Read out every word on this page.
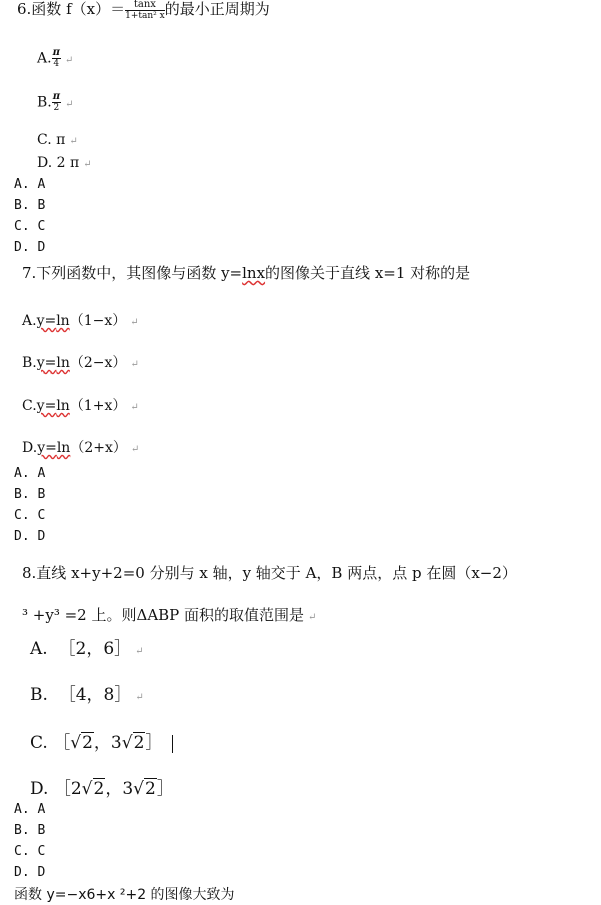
6.函数 $f(x)= \frac{\tan x}{\text{1+tan² x}}$ 的最小正周期为
A. $\frac{\pi}{4}$ ↵
B. $\frac{\pi}{2}$ ↵
C. π ↵
D. 2 π ↵
A. A
B. B
C. C
D. D
7.下列函数中，其图像与函数 y=lnx的图像关于直线 x=1 对称的是
A.y=ln（1−x） ↵
B.y=ln（2−x） ↵
C.y=ln（1+x） ↵
D.y=ln（2+x） ↵
A. A
B. B
C. C
D. D
8.直线 x+y+2=0 分别与 x 轴，y 轴交于 A，B 两点，点 p 在圆（x−2）
³ +y³ =2 上。则ΔABP 面积的取值范围是 ↵
A. ［2，6］ ↵
B. ［4，8］ ↵
C. ［√2，3√2］
D. ［2√2，3√2］
A. A
B. B
C. C
D. D
函数 y=−x6+x ²+2 的图像大致为
